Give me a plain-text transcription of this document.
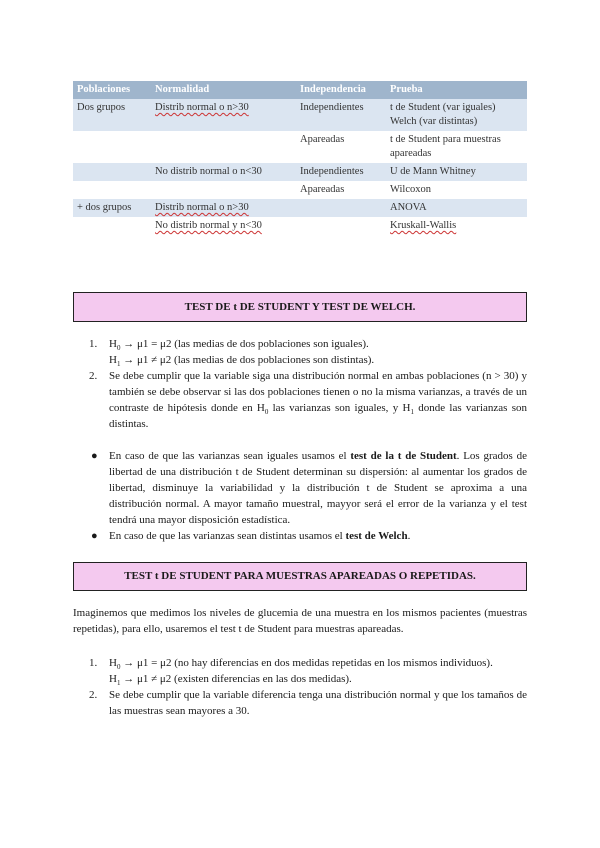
Poblaciones	Normalidad	Independencia	Prueba
Dos grupos	Distrib normal o n>30	Independientes	t de Student (var iguales)
Welch (var distintas)

		Apareadas	t de Student para muestras
apareadas

	No distrib normal o n<30	Independientes	U de Mann Whitney
		Apareadas	Wilcoxon
+ dos grupos	Distrib normal o n>30		ANOVA
	No distrib normal y n<30		Kruskall-Wallis
TEST DE t DE STUDENT Y TEST DE WELCH.
1. $H_0 \to \mu 1 = \mu 2$ (las medias de dos poblaciones son iguales).
$H_1 \to \mu 1 \ne \mu 2$ (las medias de dos poblaciones son distintas).
2. Se debe cumplir que la variable siga una distribución normal en ambas poblaciones (n > 30) y también se debe observar si las dos poblaciones tienen o no la misma varianzas, a través de un contraste de hipótesis donde en $H_0$ las varianzas son iguales, y $H_1$ donde las varianzas son distintas.
● En caso de que las varianzas sean iguales usamos el test de la t de Student. Los grados de libertad de una distribución t de Student determinan su dispersión: al aumentar los grados de libertad, disminuye la variabilidad y la distribución t de Student se aproxima a una distribución normal. A mayor tamaño muestral, mayyor será el error de la varianza y el test tendrá una mayor disposición estadística.
● En caso de que las varianzas sean distintas usamos el test de Welch.
TEST t DE STUDENT PARA MUESTRAS APAREADAS O REPETIDAS.
Imaginemos que medimos los niveles de glucemia de una muestra en los mismos pacientes (muestras repetidas), para ello, usaremos el test t de Student para muestras apareadas.
1. $H_0 \to \mu 1 = \mu 2$ (no hay diferencias en dos medidas repetidas en los mismos individuos).
$H_1 \to \mu 1 \ne \mu 2$ (existen diferencias en las dos medidas).
2. Se debe cumplir que la variable diferencia tenga una distribución normal y que los tamaños de las muestras sean mayores a 30.
